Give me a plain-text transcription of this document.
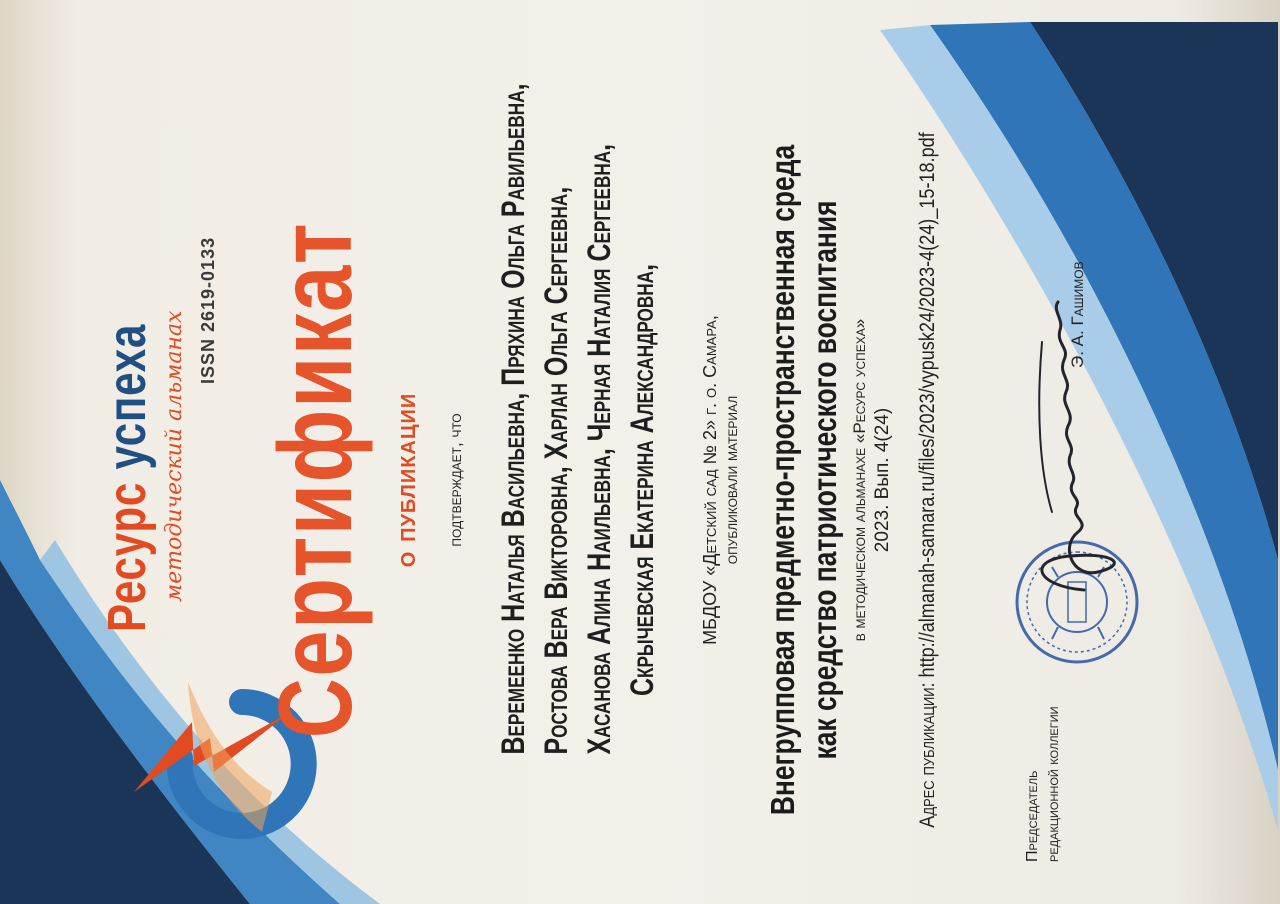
Ресурс успеха методический альманах
ISSN 2619-0133 Сертификат о публикации подтверждает, что Веремеенко Наталья Васильевна, Пряхина Ольга Равильевна, Ростова Вера Викторовна, Харлан Ольга Сергеевна, Хасанова Алина Наильевна, Черная Наталия Сергеевна, Скрычевская Екатерина Александровна, МБДОУ «Детский сад № 2» г. о. Самара, опубликовали материал Внегрупповая предметно-пространственная среда как средство патриотического воспитания в методическом альманахе «Ресурс успеха» 2023. Вып. 4(24)
Адрес публикации: http://almanah-samara.ru/files/2023/vypusk24/2023-4(24)_15-18.pdf
Председатель редакционной коллегии
Э. А. Гашимов
